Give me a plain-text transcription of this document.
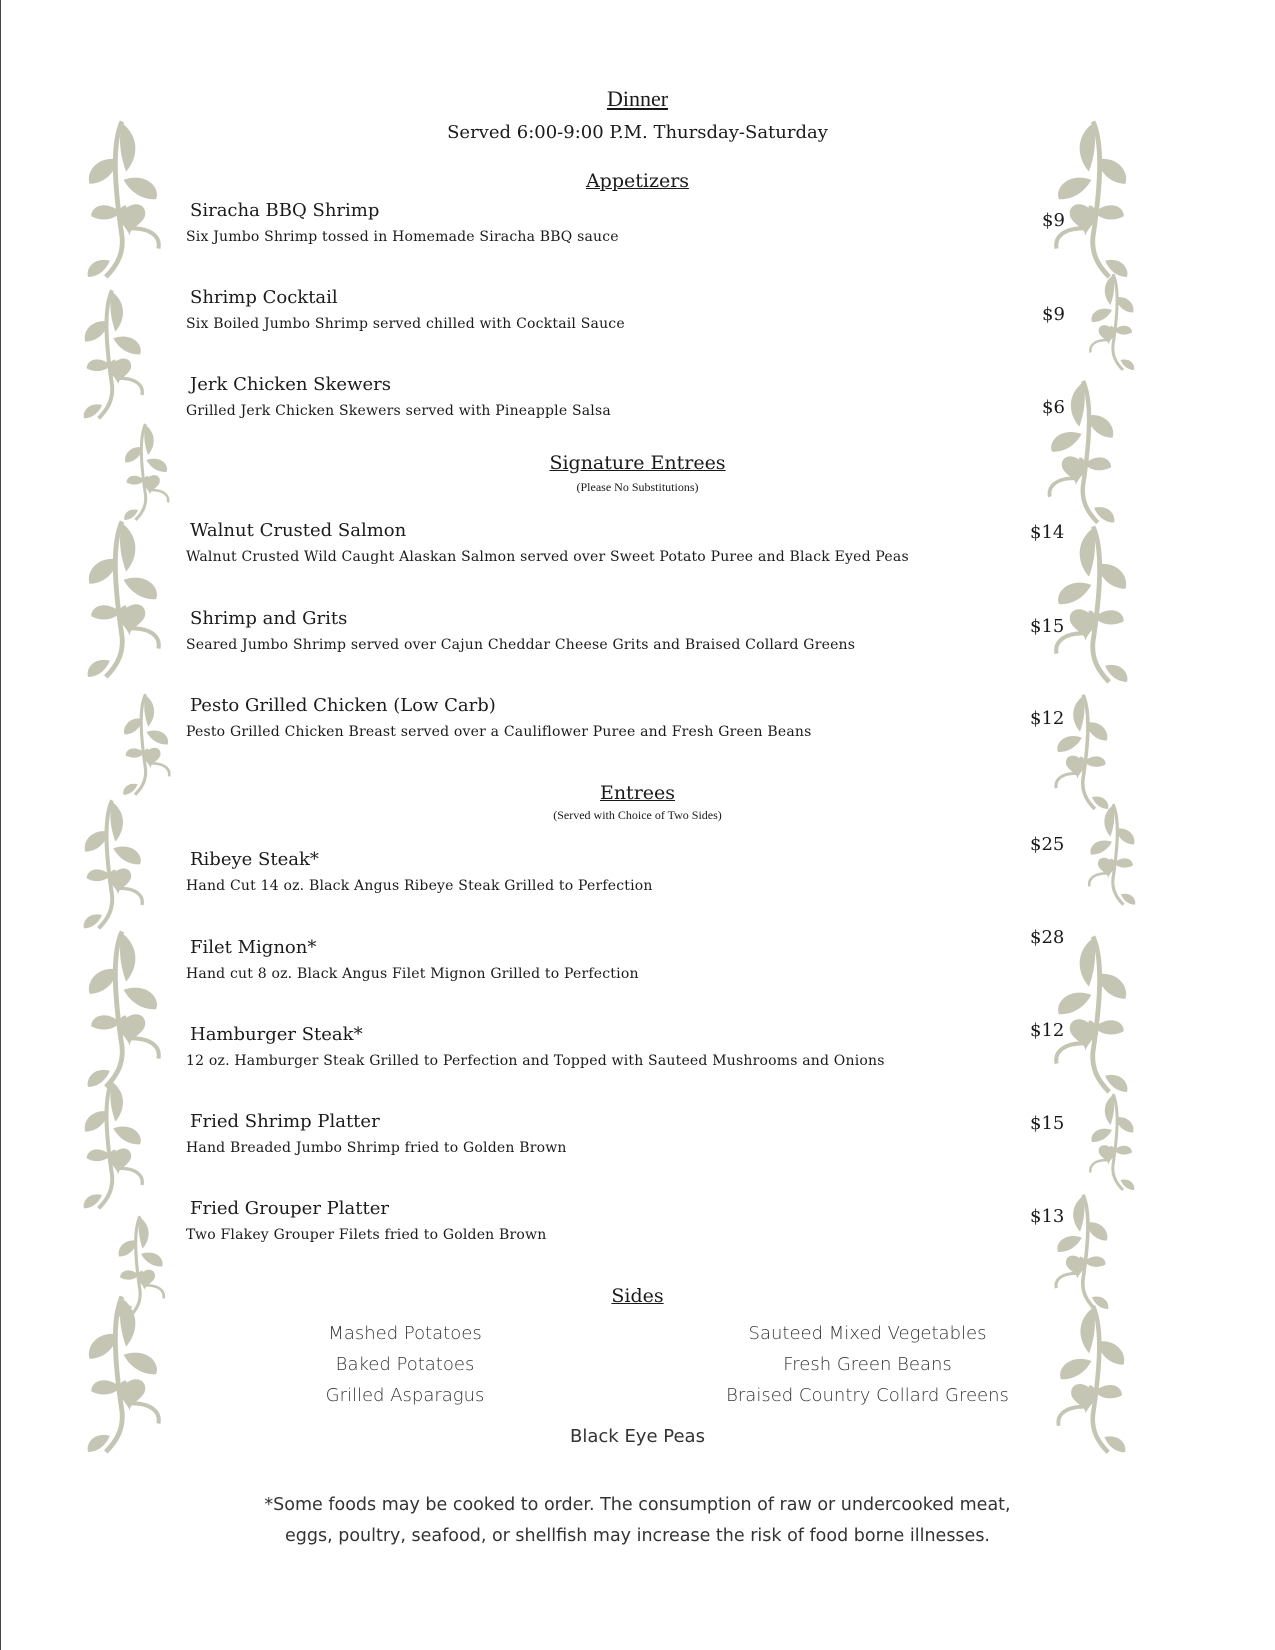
Dinner
Served 6:00-9:00 P.M. Thursday-Saturday
Appetizers
Siracha BBQ Shrimp
Six Jumbo Shrimp tossed in Homemade Siracha BBQ sauce
$9
Shrimp Cocktail
Six Boiled Jumbo Shrimp served chilled with Cocktail Sauce	$9
Jerk Chicken Skewers
Grilled Jerk Chicken Skewers served with Pineapple Salsa	$6
Signature Entrees
(Please No Substitutions)
Walnut Crusted Salmon
Walnut Crusted Wild Caught Alaskan Salmon served over Sweet Potato Puree and Black Eyed Peas
$14
Shrimp and Grits
Seared Jumbo Shrimp served over Cajun Cheddar Cheese Grits and Braised Collard Greens
$15
Pesto Grilled Chicken (Low Carb)
Pesto Grilled Chicken Breast served over a Cauliflower Puree and Fresh Green Beans
$12
Entrees
(Served with Choice of Two Sides)
$25
Ribeye Steak*
Hand Cut 14 oz. Black Angus Ribeye Steak Grilled to Perfection
$28
Filet Mignon*
Hand cut 8 oz. Black Angus Filet Mignon Grilled to Perfection
$12
Hamburger Steak*
12 oz. Hamburger Steak Grilled to Perfection and Topped with Sauteed Mushrooms and Onions
$15
Fried Shrimp Platter
Hand Breaded Jumbo Shrimp fried to Golden Brown
$13
Fried Grouper Platter
Two Flakey Grouper Filets fried to Golden Brown
Sides
Mashed Potatoes
Baked Potatoes
Grilled Asparagus
Sauteed Mixed Vegetables
Fresh Green Beans
Braised Country Collard Greens
Black Eye Peas
*Some foods may be cooked to order. The consumption of raw or undercooked meat,
eggs, poultry, seafood, or shellfish may increase the risk of food borne illnesses.
